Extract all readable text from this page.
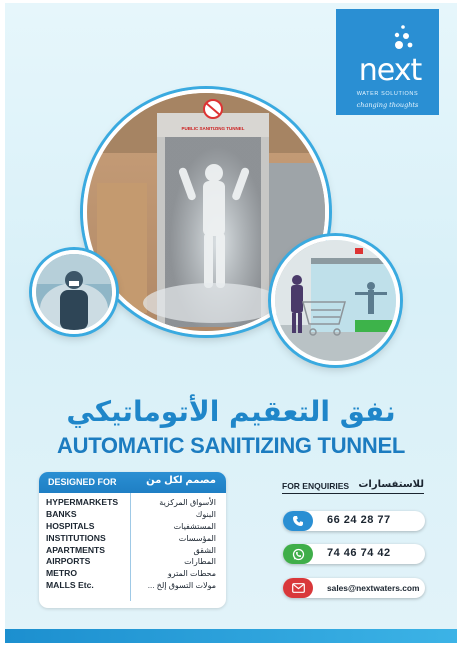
next
WATER SOLUTIONS
changing thoughts
PUBLIC SANITIZING TUNNEL
نفق التعقيم الأتوماتيكي
AUTOMATIC SANITIZING TUNNEL
DESIGNED FOR	مصمم لكل من
HYPERMARKETS
BANKS
HOSPITALS
INSTITUTIONS
APARTMENTS
AIRPORTS
METRO
MALLS Etc.
الأسواق المركزية
البنوك
المستشفيات
المؤسسات
الشقق
المطارات
محطات المترو
مولات التسوق إلخ ...
FOR ENQUIRIES للاستفسارات
66 24 28 77
74 46 74 42
sales@nextwaters.com
